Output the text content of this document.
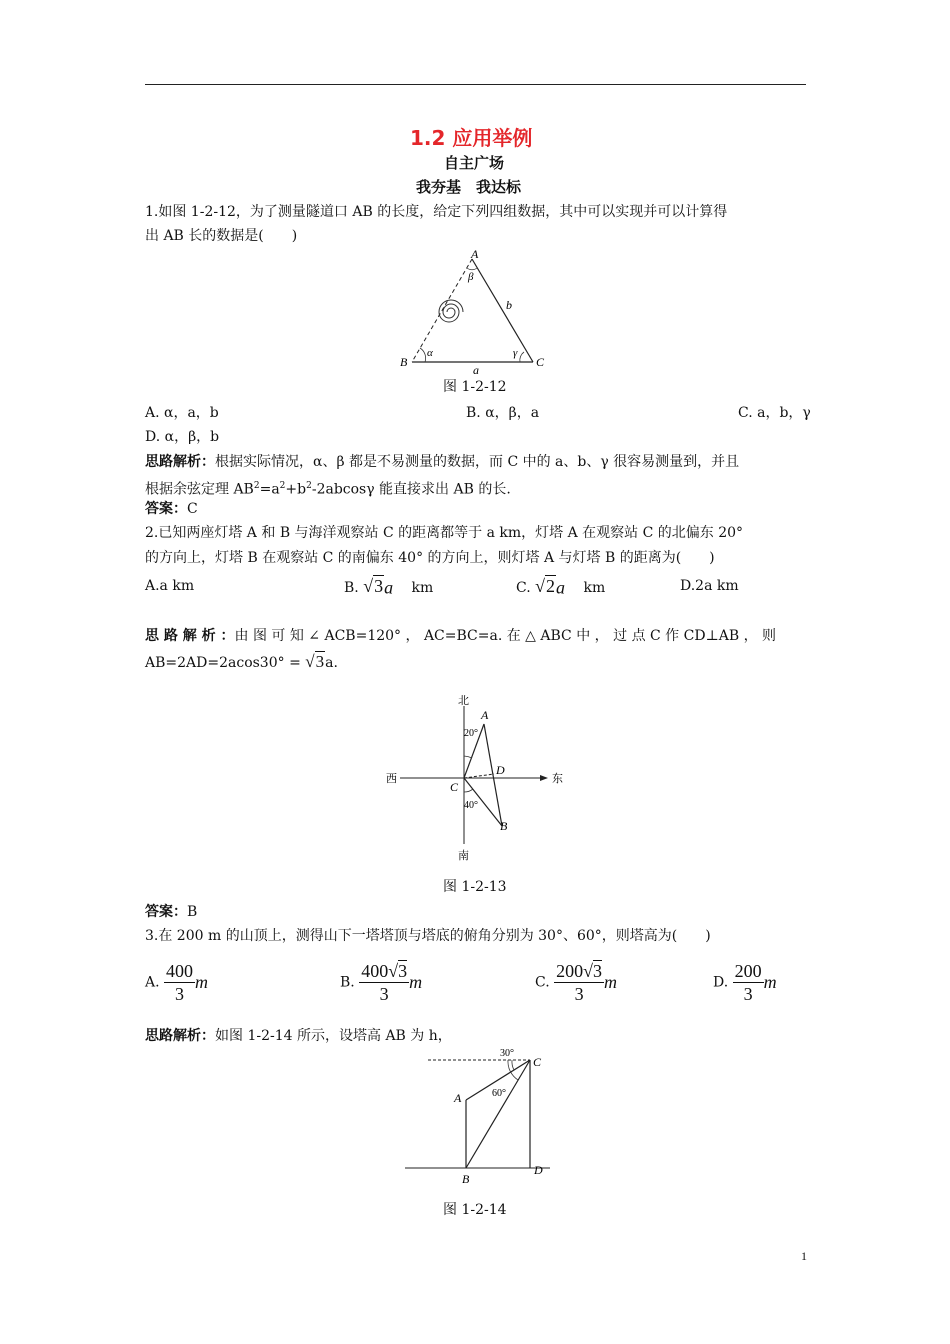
1.2 应用举例
自主广场
我夯基　我达标
1.如图 1-2-12，为了测量隧道口 AB 的长度，给定下列四组数据，其中可以实现并可以计算得
出 AB 长的数据是(　　)
A
β
b
B
α	γ
C
a
图 1-2-12
A. α，a，b	B. α，β，a	C. a，b，γ
D. α，β，b
思路解析：根据实际情况，α、β 都是不易测量的数据，而 C 中的 a、b、γ 很容易测量到，并且
根据余弦定理 $AB^2=a^2+b^2-2abcos\gamma$ 能直接求出 AB 的长.
答案：C
2.已知两座灯塔 A 和 B 与海洋观察站 C 的距离都等于 a km，灯塔 A 在观察站 C 的北偏东 20°
的方向上，灯塔 B 在观察站 C 的南偏东 40° 的方向上，则灯塔 A 与灯塔 B 的距离为(　　)
A.a km	B. √3a km	C. √2a km	D.2a km
思 路 解 析 ：由 图 可 知 ∠ ACB=120° ， AC=BC=a. 在 △ ABC 中 ， 过 点 C 作 CD⊥AB ， 则
AB=2AD=2acos30° = √3a.
北
南
东
西
A
B
C
D
20°
40°
图 1-2-13
答案：B
3.在 200 m 的山顶上，测得山下一塔塔顶与塔底的俯角分别为 30°、60°，则塔高为(　　)
A. $\frac{400}{3}$ m	B. $\frac{400√3}{3}$ m	C. $\frac{200√3}{3}$ m	D. $\frac{200}{3}$ m
思路解析：如图 1-2-14 所示，设塔高 AB 为 h，
30°
60°
C
A
B
D
图 1-2-14
1
